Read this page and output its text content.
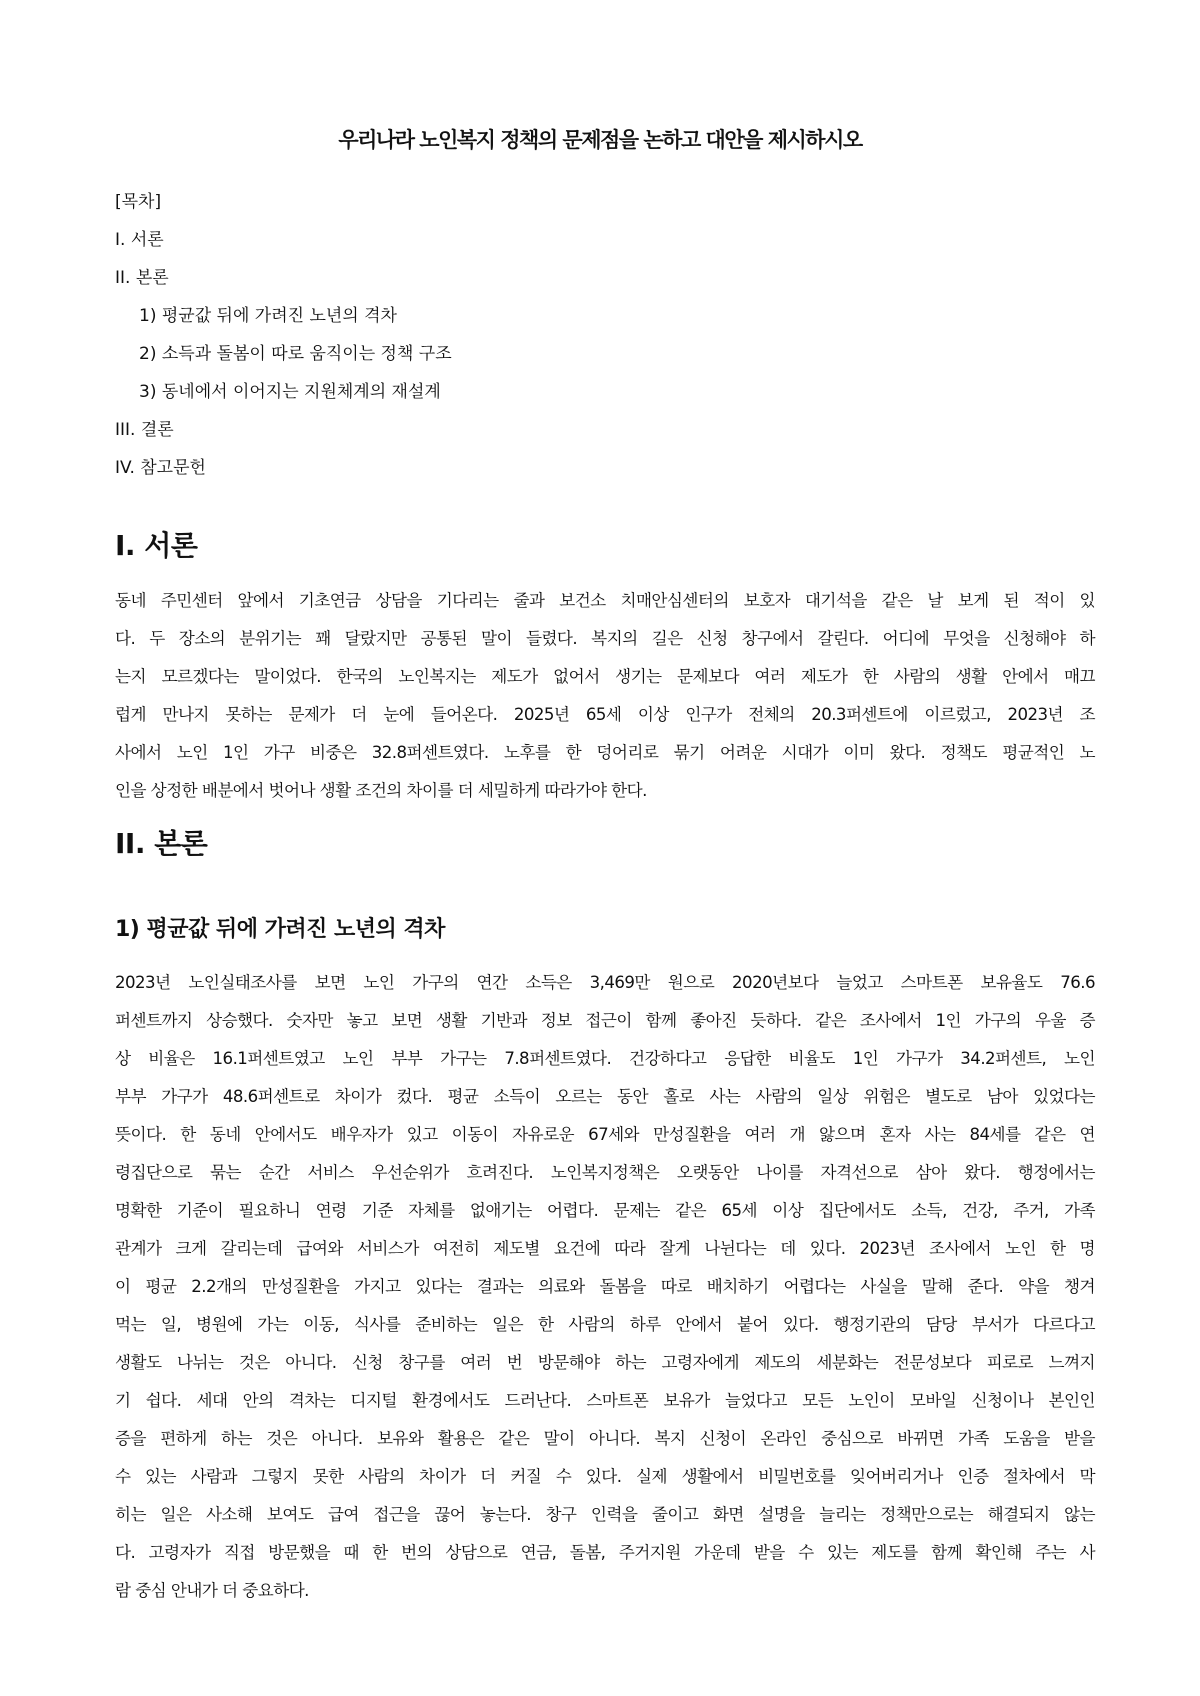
우리나라 노인복지 정책의 문제점을 논하고 대안을 제시하시오
[목차]
I. 서론
II. 본론
1) 평균값 뒤에 가려진 노년의 격차
2) 소득과 돌봄이 따로 움직이는 정책 구조
3) 동네에서 이어지는 지원체계의 재설계
III. 결론
IV. 참고문헌
I. 서론
동네 주민센터 앞에서 기초연금 상담을 기다리는 줄과 보건소 치매안심센터의 보호자 대기석을 같은 날 보게 된 적이 있
다. 두 장소의 분위기는 꽤 달랐지만 공통된 말이 들렸다. 복지의 길은 신청 창구에서 갈린다. 어디에 무엇을 신청해야 하
는지 모르겠다는 말이었다. 한국의 노인복지는 제도가 없어서 생기는 문제보다 여러 제도가 한 사람의 생활 안에서 매끄
럽게 만나지 못하는 문제가 더 눈에 들어온다. 2025년 65세 이상 인구가 전체의 20.3퍼센트에 이르렀고, 2023년 조
사에서 노인 1인 가구 비중은 32.8퍼센트였다. 노후를 한 덩어리로 묶기 어려운 시대가 이미 왔다. 정책도 평균적인 노
인을 상정한 배분에서 벗어나 생활 조건의 차이를 더 세밀하게 따라가야 한다.
II. 본론
1) 평균값 뒤에 가려진 노년의 격차
2023년 노인실태조사를 보면 노인 가구의 연간 소득은 3,469만 원으로 2020년보다 늘었고 스마트폰 보유율도 76.6
퍼센트까지 상승했다. 숫자만 놓고 보면 생활 기반과 정보 접근이 함께 좋아진 듯하다. 같은 조사에서 1인 가구의 우울 증
상 비율은 16.1퍼센트였고 노인 부부 가구는 7.8퍼센트였다. 건강하다고 응답한 비율도 1인 가구가 34.2퍼센트, 노인
부부 가구가 48.6퍼센트로 차이가 컸다. 평균 소득이 오르는 동안 홀로 사는 사람의 일상 위험은 별도로 남아 있었다는
뜻이다. 한 동네 안에서도 배우자가 있고 이동이 자유로운 67세와 만성질환을 여러 개 앓으며 혼자 사는 84세를 같은 연
령집단으로 묶는 순간 서비스 우선순위가 흐려진다. 노인복지정책은 오랫동안 나이를 자격선으로 삼아 왔다. 행정에서는
명확한 기준이 필요하니 연령 기준 자체를 없애기는 어렵다. 문제는 같은 65세 이상 집단에서도 소득, 건강, 주거, 가족
관계가 크게 갈리는데 급여와 서비스가 여전히 제도별 요건에 따라 잘게 나뉜다는 데 있다. 2023년 조사에서 노인 한 명
이 평균 2.2개의 만성질환을 가지고 있다는 결과는 의료와 돌봄을 따로 배치하기 어렵다는 사실을 말해 준다. 약을 챙겨
먹는 일, 병원에 가는 이동, 식사를 준비하는 일은 한 사람의 하루 안에서 붙어 있다. 행정기관의 담당 부서가 다르다고
생활도 나뉘는 것은 아니다. 신청 창구를 여러 번 방문해야 하는 고령자에게 제도의 세분화는 전문성보다 피로로 느껴지
기 쉽다. 세대 안의 격차는 디지털 환경에서도 드러난다. 스마트폰 보유가 늘었다고 모든 노인이 모바일 신청이나 본인인
증을 편하게 하는 것은 아니다. 보유와 활용은 같은 말이 아니다. 복지 신청이 온라인 중심으로 바뀌면 가족 도움을 받을
수 있는 사람과 그렇지 못한 사람의 차이가 더 커질 수 있다. 실제 생활에서 비밀번호를 잊어버리거나 인증 절차에서 막
히는 일은 사소해 보여도 급여 접근을 끊어 놓는다. 창구 인력을 줄이고 화면 설명을 늘리는 정책만으로는 해결되지 않는
다. 고령자가 직접 방문했을 때 한 번의 상담으로 연금, 돌봄, 주거지원 가운데 받을 수 있는 제도를 함께 확인해 주는 사
람 중심 안내가 더 중요하다.
